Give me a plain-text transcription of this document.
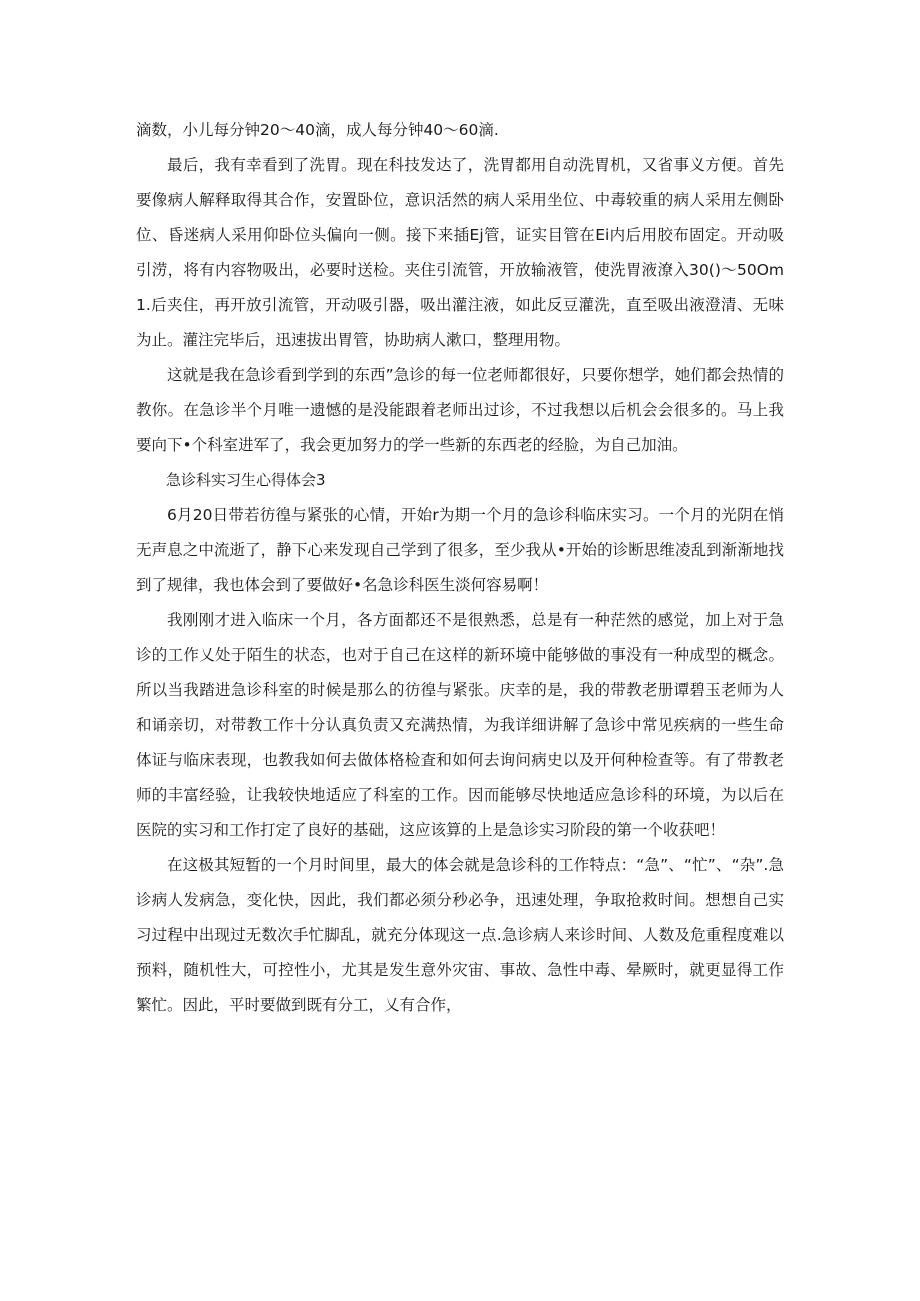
滴数，小儿每分钟20～40滴，成人每分钟40～60滴.

最后，我有幸看到了洗胃。现在科技发达了，洗胃都用自动洗胃机，又省事义方便。首先要像病人解释取得其合作，安置卧位，意识活然的病人采用坐位、中毒较重的病人采用左侧卧位、昏迷病人采用仰卧位头偏向一侧。接下来插Ej管，证实目管在Ei内后用胶布固定。开动吸引涝，将有内容物吸出，必要时送检。夹住引流管，开放输液管，使洗胃液潦入30()～50Om1.后夹住，再开放引流管，开动吸引器，吸出灌注液，如此反豆灌洗，直至吸出液澄清、无味为止。灌注完毕后，迅速拔出胃管，协助病人漱口，整理用物。

这就是我在急诊看到学到的东西”急诊的每一位老师都很好，只要你想学，她们都会热情的教你。在急诊半个月唯一遗憾的是没能跟着老师出过诊，不过我想以后机会会很多的。马上我要向下•个科室进军了，我会更加努力的学一些新的东西老的经脸，为自己加油。

急诊科实习生心得体会3

6月20日带若彷徨与紧张的心情，开始r为期一个月的急诊科临床实习。一个月的光阴在悄无声息之中流逝了，静下心来发现自己学到了很多，至少我从•开始的诊断思维凌乱到渐渐地找到了规律，我也体会到了要做好•名急诊科医生淡何容易啊！

我刚刚才进入临床一个月，各方面都还不是很熟悉，总是有一种茫然的感觉，加上对于急诊的工作乂处于陌生的状态，也对于自己在这样的新环境中能够做的事没有一种成型的概念。所以当我踏进急诊科室的时候是那么的彷徨与紧张。庆幸的是，我的带教老册谭碧玉老师为人和诵亲切，对带教工作十分认真负责又充满热情，为我详细讲解了急诊中常见疾病的一些生命体证与临床表现，也教我如何去做体格检査和如何去询问病史以及开何种检查等。有了带教老师的丰富经验，让我较快地适应了科室的工作。因而能够尽快地适应急诊科的环境，为以后在医院的实习和工作打定了良好的基础，这应该算的上是急诊实习阶段的第一个收获吧！

在这极其短暂的一个月时间里，最大的体会就是急诊科的工作特点：“急”、“忙”、“杂”.急诊病人发病急，变化快，因此，我们都必须分秒必争，迅速处理，争取抢救时间。想想自己实习过程中出现过无数次手忙脚乱，就充分体现这一点.急诊病人来诊时间、人数及危重程度难以预料，随机性大，可控性小，尤其是发生意外灾宙、事故、急性中毒、晕厥时，就更显得工作繁忙。因此，平时要做到既有分工，乂有合作，
